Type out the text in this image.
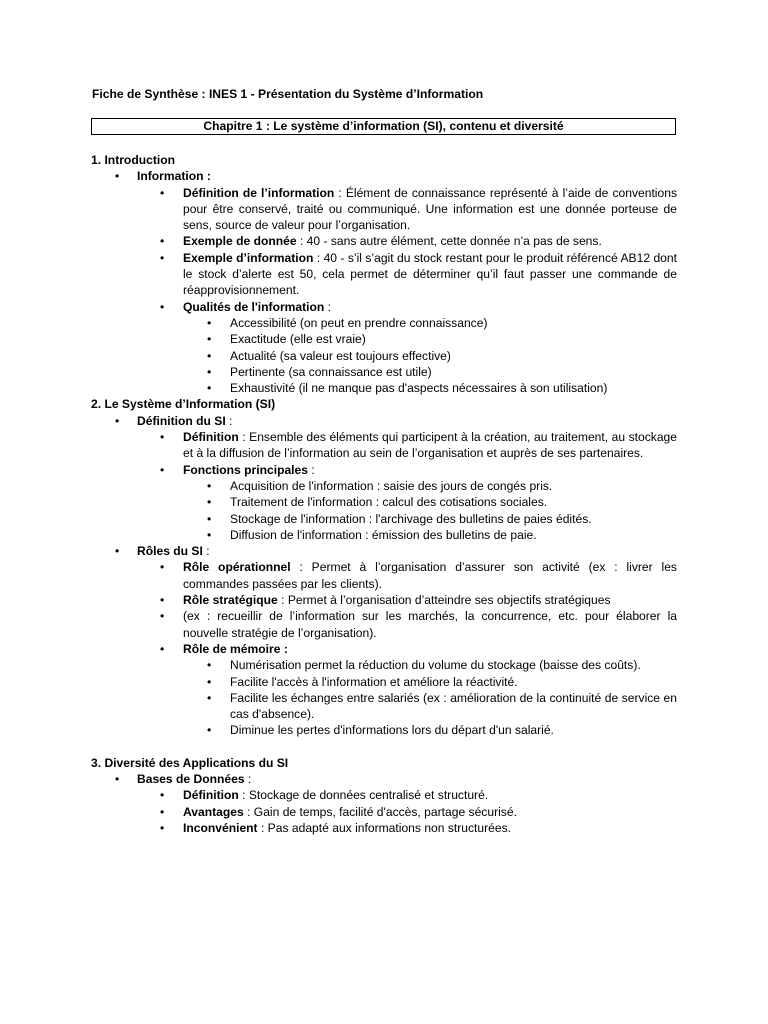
Fiche de Synthèse : INES 1 - Présentation du Système d’Information
Chapitre 1 : Le système d’information (SI), contenu et diversité
1. Introduction
• Information :
• Définition de l’information : Élément de connaissance représenté à l’aide de conventions pour être conservé, traité ou communiqué. Une information est une donnée porteuse de sens, source de valeur pour l’organisation.
• Exemple de donnée : 40 - sans autre élément, cette donnée n’a pas de sens.
• Exemple d’information : 40 - s’il s’agit du stock restant pour le produit référencé AB12 dont le stock d’alerte est 50, cela permet de déterminer qu’il faut passer une commande de réapprovisionnement.
• Qualités de l'information :
• Accessibilité (on peut en prendre connaissance)
• Exactitude (elle est vraie)
• Actualité (sa valeur est toujours effective)
• Pertinente (sa connaissance est utile)
• Exhaustivité (il ne manque pas d'aspects nécessaires à son utilisation)
2. Le Système d’Information (SI)
• Définition du SI :
• Définition : Ensemble des éléments qui participent à la création, au traitement, au stockage et à la diffusion de l’information au sein de l’organisation et auprès de ses partenaires.
• Fonctions principales :
• Acquisition de l'information : saisie des jours de congés pris.
• Traitement de l'information : calcul des cotisations sociales.
• Stockage de l'information : l'archivage des bulletins de paies édités.
• Diffusion de l'information : émission des bulletins de paie.
• Rôles du SI :
• Rôle opérationnel : Permet à l’organisation d’assurer son activité (ex : livrer les commandes passées par les clients).
• Rôle stratégique : Permet à l’organisation d’atteindre ses objectifs stratégiques
• (ex : recueillir de l’information sur les marchés, la concurrence, etc. pour élaborer la nouvelle stratégie de l’organisation).
• Rôle de mémoire :
• Numérisation permet la réduction du volume du stockage (baisse des coûts).
• Facilite l'accès à l'information et améliore la réactivité.
• Facilite les échanges entre salariés (ex : amélioration de la continuité de service en cas d'absence).
• Diminue les pertes d'informations lors du départ d'un salarié.
3. Diversité des Applications du SI
• Bases de Données :
• Définition : Stockage de données centralisé et structuré.
• Avantages : Gain de temps, facilité d'accès, partage sécurisé.
• Inconvénient : Pas adapté aux informations non structurées.
